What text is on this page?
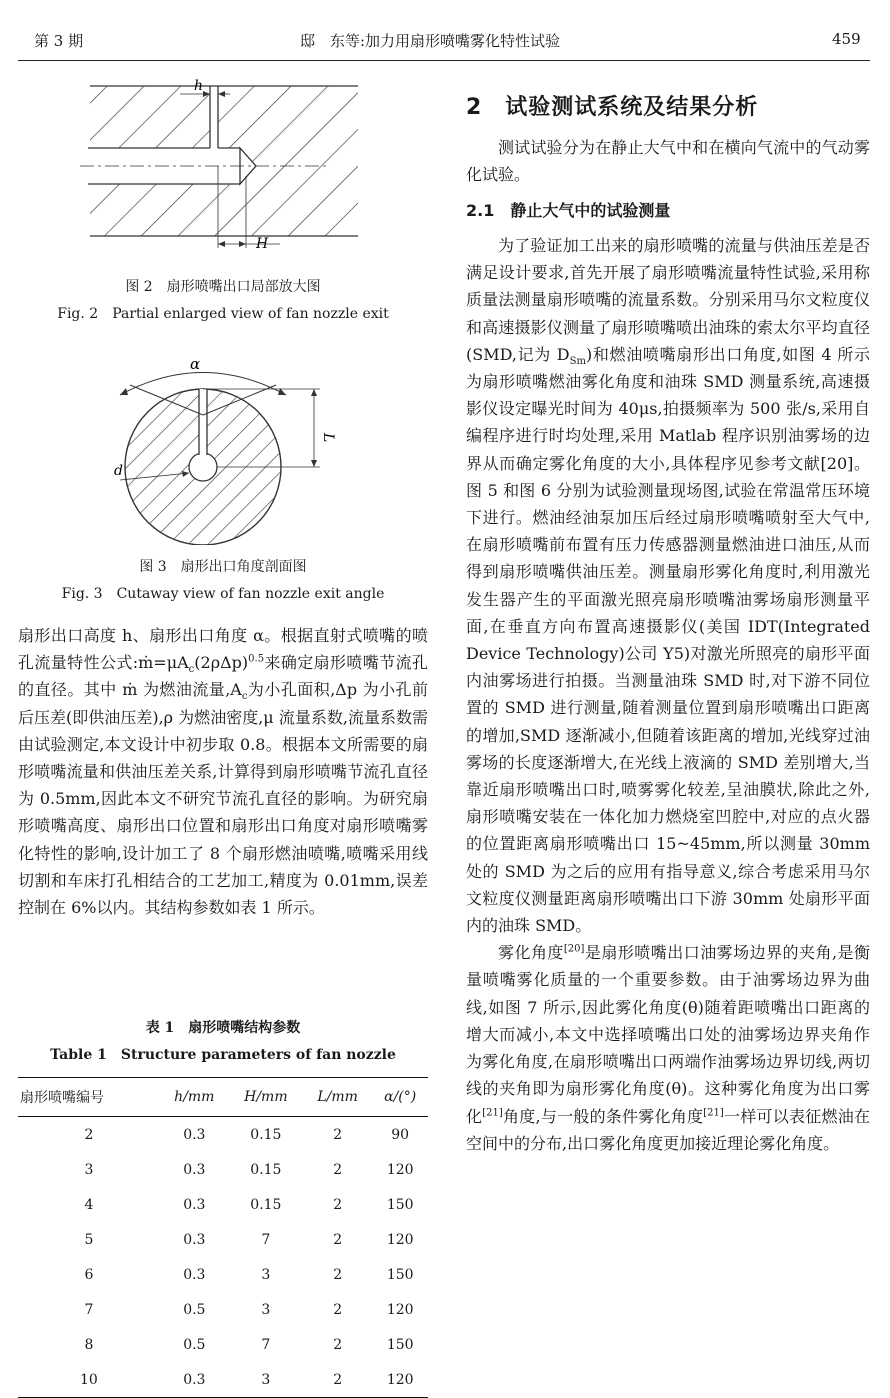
第 3 期	邸　东等:加力用扇形喷嘴雾化特性试验	459
h
H
图 2　扇形喷嘴出口局部放大图
Fig. 2　Partial enlarged view of fan nozzle exit
α
d
L
图 3　扇形出口角度剖面图
Fig. 3　Cutaway view of fan nozzle exit angle

扇形出口高度 h、扇形出口角度 α。根据直射式喷嘴的喷孔流量特性公式$:ṁ=\mu A_c(2\rho\Delta p)^{0.5}$来确定扇形喷嘴节流孔的直径。其中 ṁ 为燃油流量$,A_c$为小孔面积,Δp 为小孔前后压差(即供油压差),ρ 为燃油密度,μ 流量系数,流量系数需由试验测定,本文设计中初步取 0.8。根据本文所需要的扇形喷嘴流量和供油压差关系,计算得到扇形喷嘴节流孔直径为 0.5mm,因此本文不研究节流孔直径的影响。为研究扇形喷嘴高度、扇形出口位置和扇形出口角度对扇形喷嘴雾化特性的影响,设计加工了 8 个扇形燃油喷嘴,喷嘴采用线切割和车床打孔相结合的工艺加工,精度为 0.01mm,误差控制在 6%以内。其结构参数如表 1 所示。

表 1　扇形喷嘴结构参数
Table 1　Structure parameters of fan nozzle
扇形喷嘴编号	h/mm	H/mm	L/mm	α/(°)
2	0.3	0.15	2	90
3	0.3	0.15	2	120
4	0.3	0.15	2	150
5	0.3	7	2	120
6	0.3	3	2	150
7	0.5	3	2	120
8	0.5	7	2	150
10	0.3	3	2	120
2　试验测试系统及结果分析

测试试验分为在静止大气中和在横向气流中的气动雾化试验。

2.1　静止大气中的试验测量

为了验证加工出来的扇形喷嘴的流量与供油压差是否满足设计要求,首先开展了扇形喷嘴流量特性试验,采用称质量法测量扇形喷嘴的流量系数。分别采用马尔文粒度仪和高速摄影仪测量了扇形喷嘴喷出油珠的索太尔平均直径(SMD,记为 $D_{Sm}$)和燃油喷嘴扇形出口角度,如图 4 所示为扇形喷嘴燃油雾化角度和油珠 SMD 测量系统,高速摄影仪设定曝光时间为 40μs,拍摄频率为 500 张/s,采用自编程序进行时均处理,采用 Matlab 程序识别油雾场的边界从而确定雾化角度的大小,具体程序见参考文献[20]。图 5 和图 6 分别为试验测量现场图,试验在常温常压环境下进行。燃油经油泵加压后经过扇形喷嘴喷射至大气中,在扇形喷嘴前布置有压力传感器测量燃油进口油压,从而得到扇形喷嘴供油压差。测量扇形雾化角度时,利用激光发生器产生的平面激光照亮扇形喷嘴油雾场扇形测量平面,在垂直方向布置高速摄影仪(美国 IDT(Integrated Device Technology)公司 Y5)对激光所照亮的扇形平面内油雾场进行拍摄。当测量油珠 SMD 时,对下游不同位置的 SMD 进行测量,随着测量位置到扇形喷嘴出口距离的增加,SMD 逐渐减小,但随着该距离的增加,光线穿过油雾场的长度逐渐增大,在光线上液滴的 SMD 差别增大,当靠近扇形喷嘴出口时,喷雾雾化较差,呈油膜状,除此之外,扇形喷嘴安装在一体化加力燃烧室凹腔中,对应的点火器的位置距离扇形喷嘴出口 15~45mm,所以测量 30mm 处的 SMD 为之后的应用有指导意义,综合考虑采用马尔文粒度仪测量距离扇形喷嘴出口下游 30mm 处扇形平面内的油珠 SMD。

雾化角度[20]是扇形喷嘴出口油雾场边界的夹角,是衡量喷嘴雾化质量的一个重要参数。由于油雾场边界为曲线,如图 7 所示,因此雾化角度(θ)随着距喷嘴出口距离的增大而减小,本文中选择喷嘴出口处的油雾场边界夹角作为雾化角度,在扇形喷嘴出口两端作油雾场边界切线,两切线的夹角即为扇形雾化角度(θ)。这种雾化角度为出口雾化[21]角度,与一般的条件雾化角度[21]一样可以表征燃油在空间中的分布,出口雾化角度更加接近理论雾化角度。
